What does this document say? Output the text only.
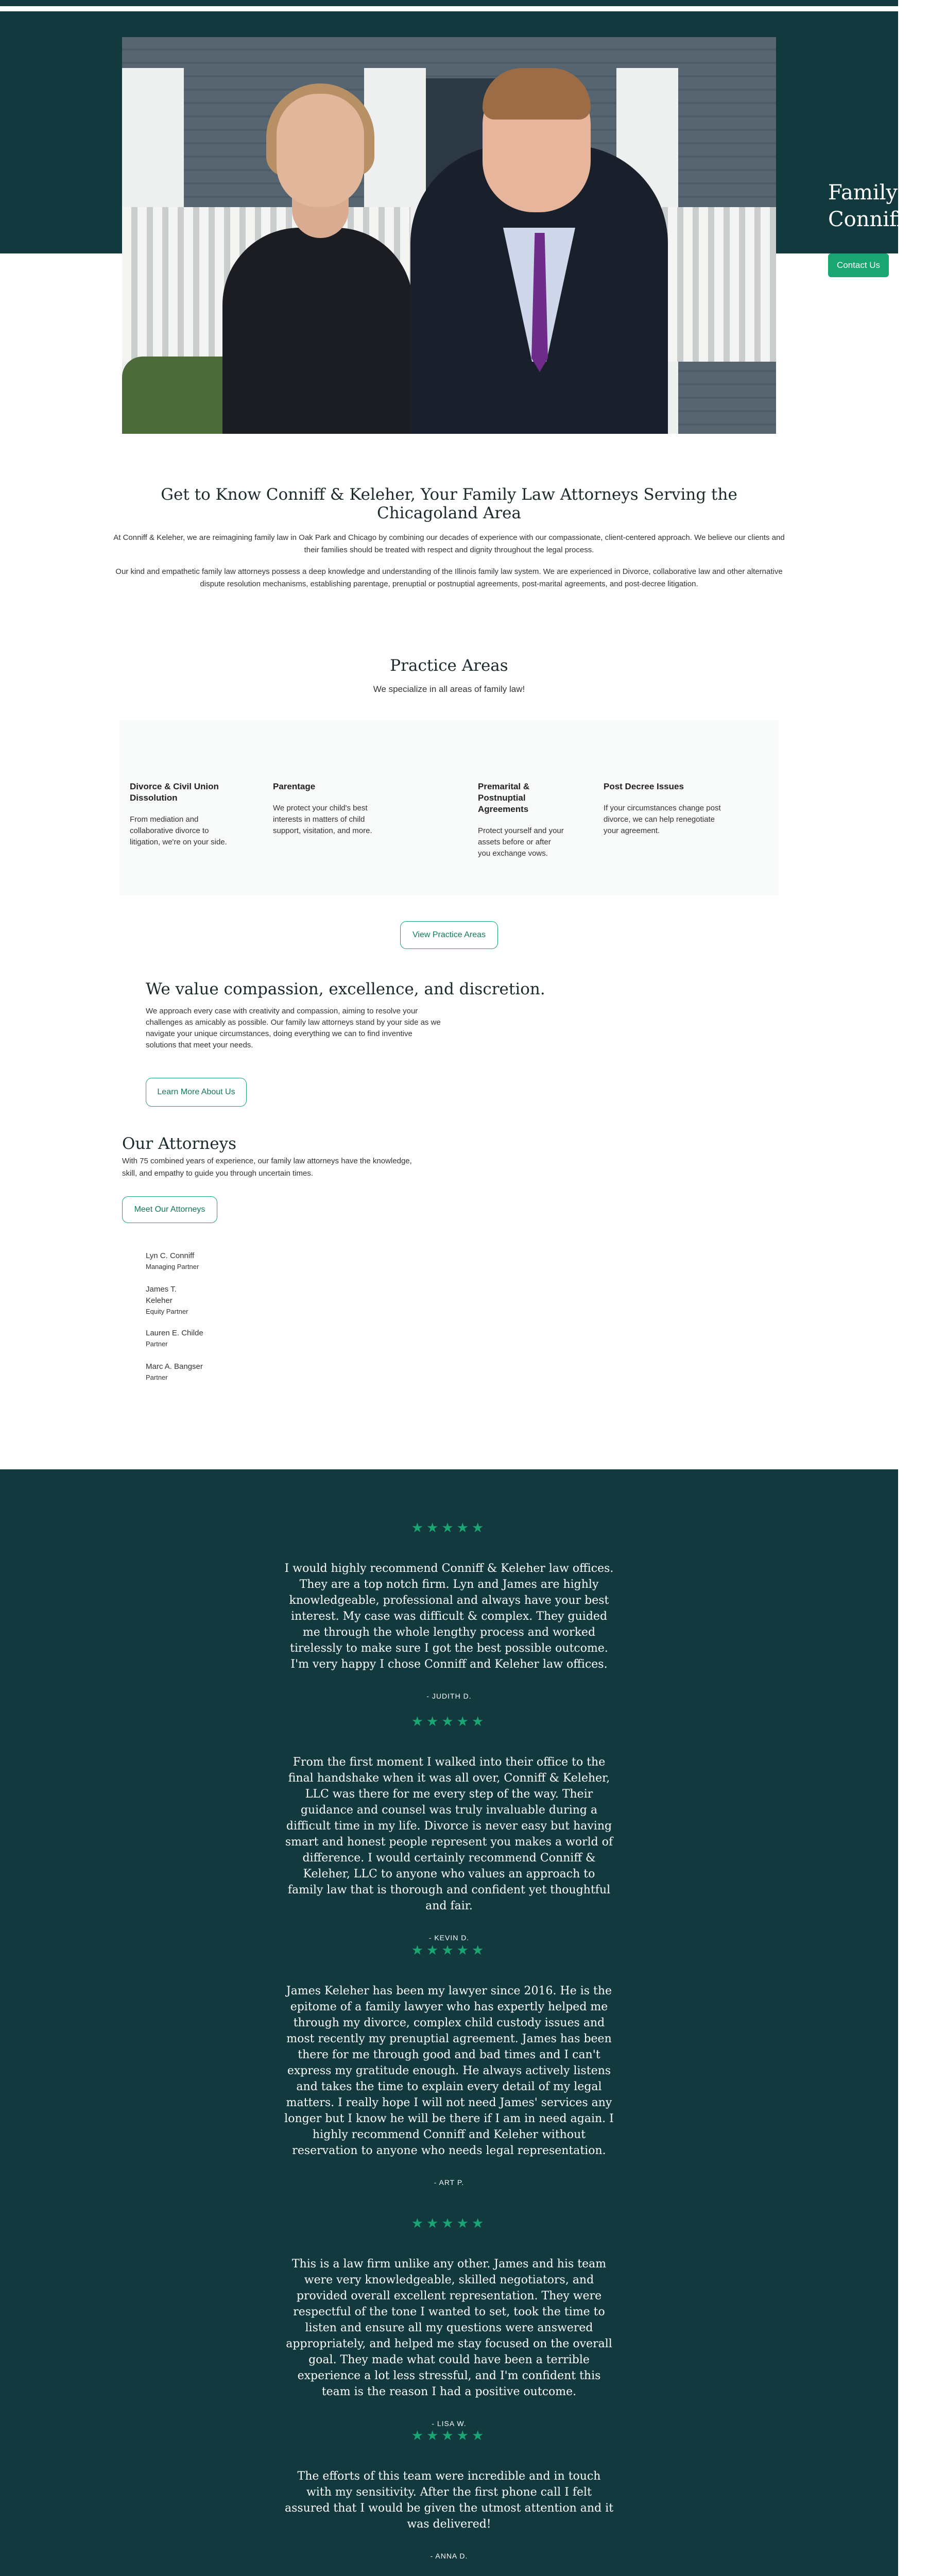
Family L
Conniff &
Contact Us
Get to Know Conniff & Keleher, Your Family Law Attorneys Serving the Chicagoland Area

At Conniff & Keleher, we are reimagining family law in Oak Park and Chicago by combining our decades of experience with our compassionate, client-centered approach. We believe our clients and their families should be treated with respect and dignity throughout the legal process.

Our kind and empathetic family law attorneys possess a deep knowledge and understanding of the Illinois family law system. We are experienced in Divorce, collaborative law and other alternative dispute resolution mechanisms, establishing parentage, prenuptial or postnuptial agreements, post-marital agreements, and post-decree litigation.

Practice Areas
We specialize in all areas of family law!
Divorce & Civil Union Dissolution

From mediation and collaborative divorce to litigation, we're on your side.

Parentage

We protect your child's best interests in matters of child support, visitation, and more.

Premarital & Postnuptial Agreements

Protect yourself and your assets before or after you exchange vows.

Post Decree Issues

If your circumstances change post divorce, we can help renegotiate your agreement.

View Practice Areas
We value compassion, excellence, and discretion.

We approach every case with creativity and compassion, aiming to resolve your challenges as amicably as possible. Our family law attorneys stand by your side as we navigate your unique circumstances, doing everything we can to find inventive solutions that meet your needs.

Learn More About Us
Our Attorneys

With 75 combined years of experience, our family law attorneys have the knowledge, skill, and empathy to guide you through uncertain times.

Meet Our Attorneys
Lyn C. Conniff
Managing Partner
James T. Keleher
Equity Partner
Lauren E. Childe
Partner
Marc A. Bangser
Partner
★★★★★
I would highly recommend Conniff & Keleher law offices. They are a top notch firm. Lyn and James are highly knowledgeable, professional and always have your best interest. My case was difficult & complex. They guided me through the whole lengthy process and worked tirelessly to make sure I got the best possible outcome. I'm very happy I chose Conniff and Keleher law offices.
- JUDITH D.
★★★★★
From the first moment I walked into their office to the final handshake when it was all over, Conniff & Keleher, LLC was there for me every step of the way. Their guidance and counsel was truly invaluable during a difficult time in my life. Divorce is never easy but having smart and honest people represent you makes a world of difference. I would certainly recommend Conniff & Keleher, LLC to anyone who values an approach to family law that is thorough and confident yet thoughtful and fair.
- KEVIN D.
★★★★★
James Keleher has been my lawyer since 2016. He is the epitome of a family lawyer who has expertly helped me through my divorce, complex child custody issues and most recently my prenuptial agreement. James has been there for me through good and bad times and I can't express my gratitude enough. He always actively listens and takes the time to explain every detail of my legal matters. I really hope I will not need James' services any longer but I know he will be there if I am in need again. I highly recommend Conniff and Keleher without reservation to anyone who needs legal representation.
- ART P.
★★★★★
This is a law firm unlike any other. James and his team were very knowledgeable, skilled negotiators, and provided overall excellent representation. They were respectful of the tone I wanted to set, took the time to listen and ensure all my questions were answered appropriately, and helped me stay focused on the overall goal. They made what could have been a terrible experience a lot less stressful, and I'm confident this team is the reason I had a positive outcome.
- LISA W.
★★★★★
The efforts of this team were incredible and in touch with my sensitivity. After the first phone call I felt assured that I would be given the utmost attention and it was delivered!
- ANNA D.
